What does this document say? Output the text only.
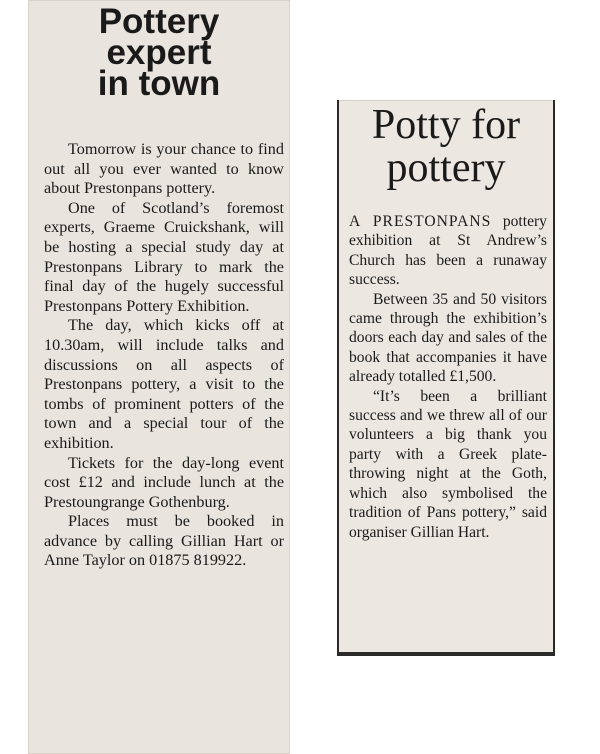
Pottery
expert
in town

Tomorrow is your chance to find out all you ever wanted to know about Prestonpans pottery.

One of Scotland’s foremost experts, Graeme Cruickshank, will be hosting a special study day at Prestonpans Library to mark the final day of the hugely successful Prestonpans Pottery Exhibition.

The day, which kicks off at 10.30am, will include talks and discussions on all aspects of Prestonpans pottery, a visit to the tombs of prominent potters of the town and a special tour of the exhibition.

Tickets for the day-long event cost £12 and include lunch at the Prestoungrange Gothenburg.

Places must be booked in advance by calling Gillian Hart or Anne Taylor on 01875 819922.

Potty for
pottery

A PRESTONPANS pottery exhibition at St Andrew’s Church has been a runaway success.

Between 35 and 50 visitors came through the exhibition’s doors each day and sales of the book that accompanies it have already totalled £1,500.

“It’s been a brilliant success and we threw all of our volunteers a big thank you party with a Greek plate-throwing night at the Goth, which also symbolised the tradition of Pans pottery,” said organiser Gillian Hart.
